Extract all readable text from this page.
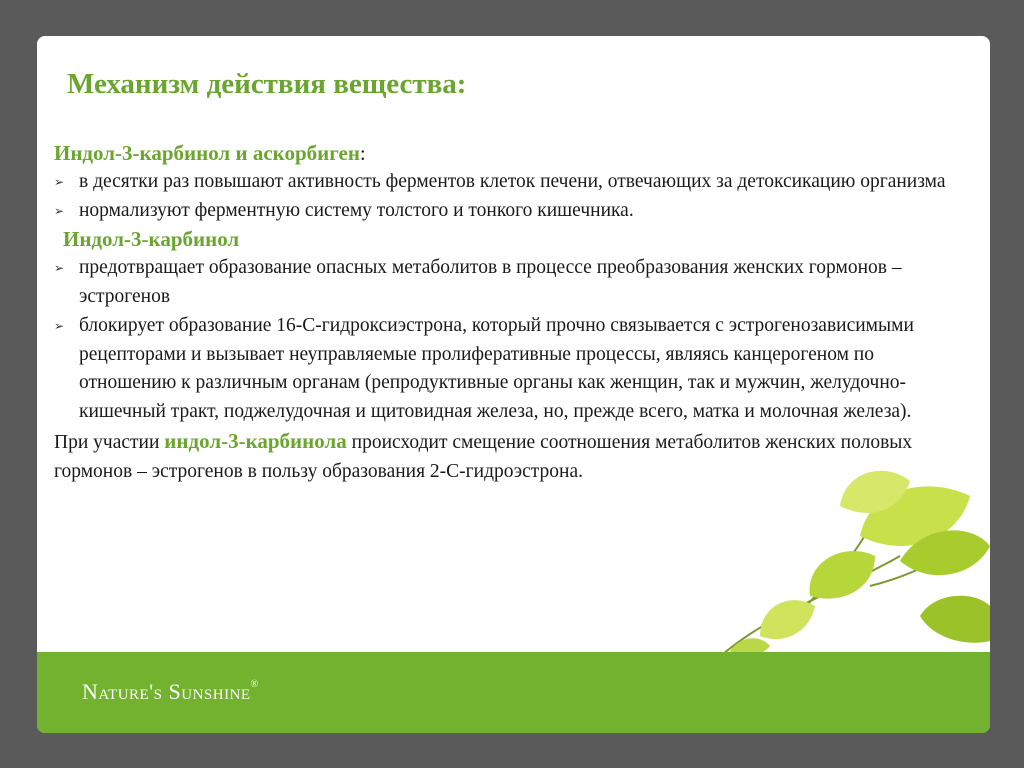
Механизм действия вещества:
Индол-3-карбинол и аскорбиген:
➢ в десятки раз повышают активность ферментов клеток печени, отвечающих за детоксикацию организма
➢ нормализуют ферментную систему толстого и тонкого кишечника.
Индол-3-карбинол
➢ предотвращает образование опасных метаболитов в процессе преобразования женских гормонов – эстрогенов
➢ блокирует образование 16-С-гидроксиэстрона, который прочно связывается с эстрогенозависимыми рецепторами и вызывает неуправляемые пролиферативные процессы, являясь канцерогеном по отношению к различным органам (репродуктивные органы как женщин, так и мужчин, желудочно-кишечный тракт, поджелудочная и щитовидная железа, но, прежде всего, матка и молочная железа).
При участии индол-3-карбинола происходит смещение соотношения метаболитов женских половых гормонов – эстрогенов в пользу образования 2-С-гидроэстрона.
Nature's Sunshine®
